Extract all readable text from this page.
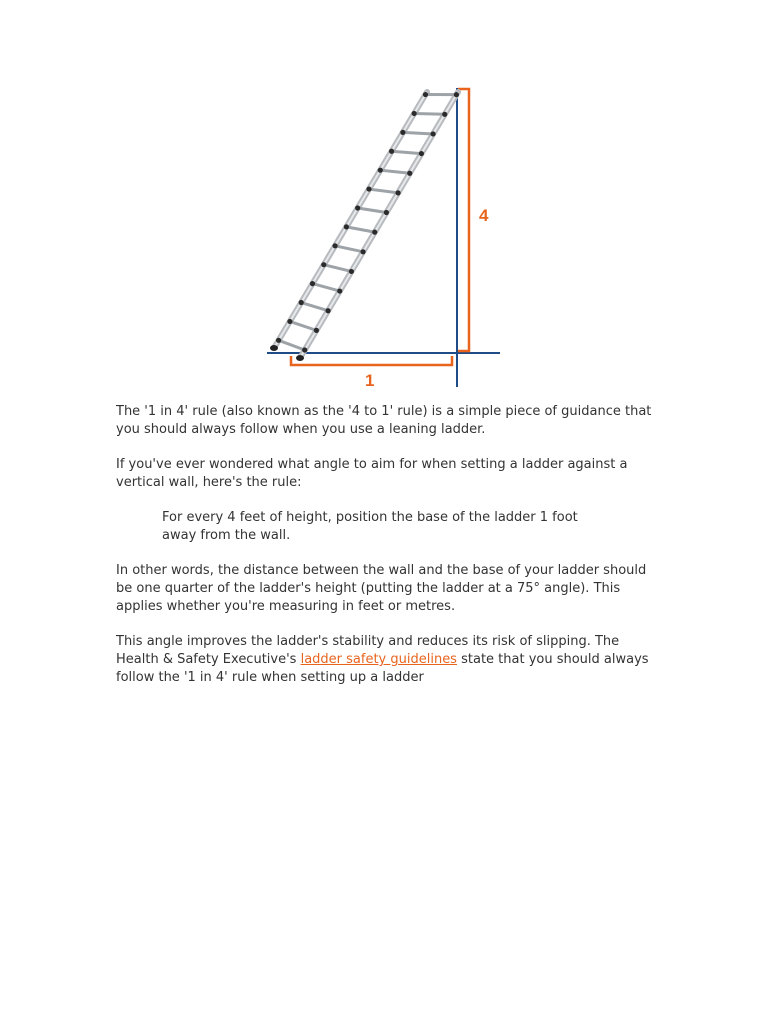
4
1

The '1 in 4' rule (also known as the '4 to 1' rule) is a simple piece of guidance that you should always follow when you use a leaning ladder.

If you've ever wondered what angle to aim for when setting a ladder against a vertical wall, here's the rule:

For every 4 feet of height, position the base of the ladder 1 foot away from the wall.

In other words, the distance between the wall and the base of your ladder should be one quarter of the ladder's height (putting the ladder at a 75° angle). This applies whether you're measuring in feet or metres.

This angle improves the ladder's stability and reduces its risk of slipping. The Health & Safety Executive's ladder safety guidelines state that you should always follow the '1 in 4' rule when setting up a ladder
